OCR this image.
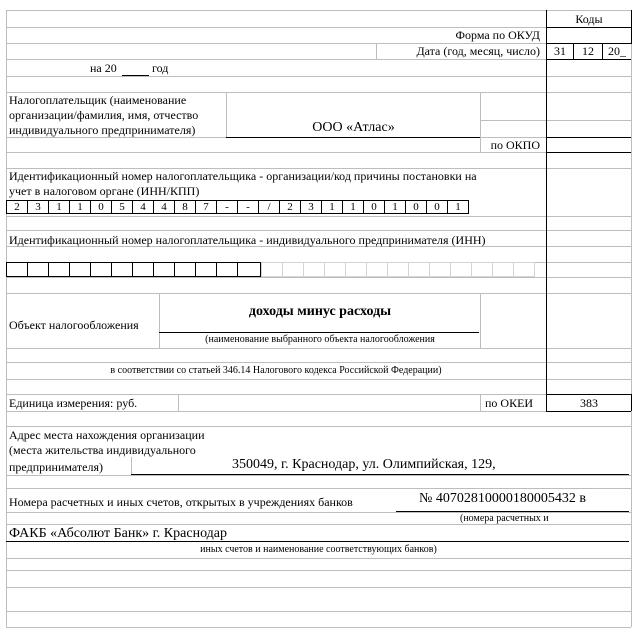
Коды
Форма по ОКУД
Дата (год, месяц, число)	31	12	20_
на 20	год
Налогоплательщик (наименование
организации/фамилия, имя, отчество
индивидуального предпринимателя)	ООО «Атлас»
по ОКПО
Идентификационный номер налогоплательщика - организации/код причины постановки на
учет в налоговом органе (ИНН/КПП)
2	3	1	1	0	5	4	4	8	7	-	-	/	2	3	1	1	0	1	0	0	1
Идентификационный номер налогоплательщика - индивидуального предпринимателя (ИНН)
Объект налогообложения
доходы минус расходы
(наименование выбранного объекта налогообложения
в соответствии со статьей 346.14 Налогового кодекса Российской Федерации)
Единица измерения: руб.	по ОКЕИ	383
Адрес места нахождения организации
(места жительства индивидуального
предпринимателя)	350049, г. Краснодар, ул. Олимпийская, 129,
Номера расчетных и иных счетов, открытых в учреждениях банков	№ 40702810000180005432 в
(номера расчетных и
ФАКБ «Абсолют Банк» г. Краснодар
иных счетов и наименование соответствующих банков)
